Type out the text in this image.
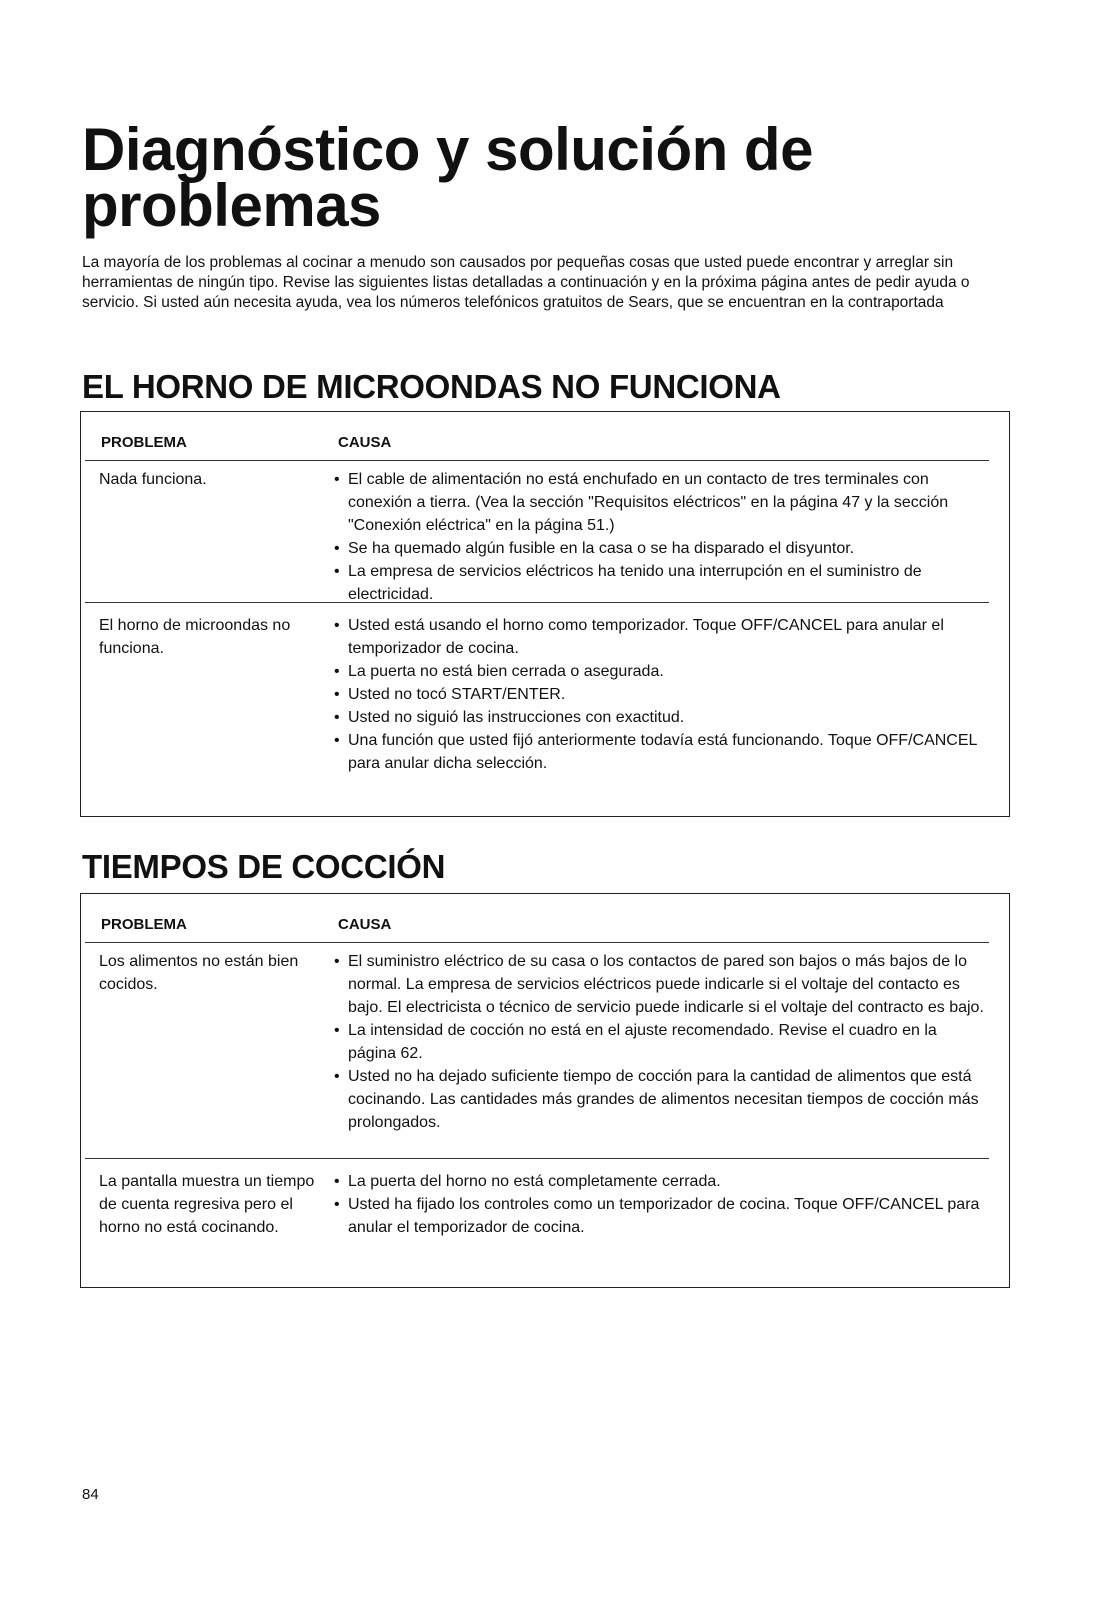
Diagnóstico y solución de
problemas

La mayoría de los problemas al cocinar a menudo son causados por pequeñas cosas que usted puede encontrar y arreglar sin herramientas de ningún tipo. Revise las siguientes listas detalladas a continuación y en la próxima página antes de pedir ayuda o servicio. Si usted aún necesita ayuda, vea los números telefónicos gratuitos de Sears, que se encuentran en la contraportada

EL HORNO DE MICROONDAS NO FUNCIONA
PROBLEMA	CAUSA
Nada funciona.
•	El cable de alimentación no está enchufado en un contacto de tres terminales con conexión a tierra. (Vea la sección "Requisitos eléctricos" en la página 47 y la sección "Conexión eléctrica" en la página 51.)
• Se ha quemado algún fusible en la casa o se ha disparado el disyuntor.
• La empresa de servicios eléctricos ha tenido una interrupción en el suministro de electricidad.
El horno de microondas no funciona.
• Usted está usando el horno como temporizador. Toque OFF/CANCEL para anular el temporizador de cocina.
• La puerta no está bien cerrada o asegurada.
• Usted no tocó START/ENTER.
• Usted no siguió las instrucciones con exactitud.
• Una función que usted fijó anteriormente todavía está funcionando. Toque OFF/CANCEL para anular dicha selección.
TIEMPOS DE COCCIÓN
PROBLEMA	CAUSA
Los alimentos no están bien cocidos.
• El suministro eléctrico de su casa o los contactos de pared son bajos o más bajos de lo normal. La empresa de servicios eléctricos puede indicarle si el voltaje del contacto es bajo. El electricista o técnico de servicio puede indicarle si el voltaje del contracto es bajo.
• La intensidad de cocción no está en el ajuste recomendado. Revise el cuadro en la página 62.
• Usted no ha dejado suficiente tiempo de cocción para la cantidad de alimentos que está cocinando. Las cantidades más grandes de alimentos necesitan tiempos de cocción más prolongados.
La pantalla muestra un tiempo de cuenta regresiva pero el horno no está cocinando.
• La puerta del horno no está completamente cerrada.
• Usted ha fijado los controles como un temporizador de cocina. Toque OFF/CANCEL para anular el temporizador de cocina.
84
